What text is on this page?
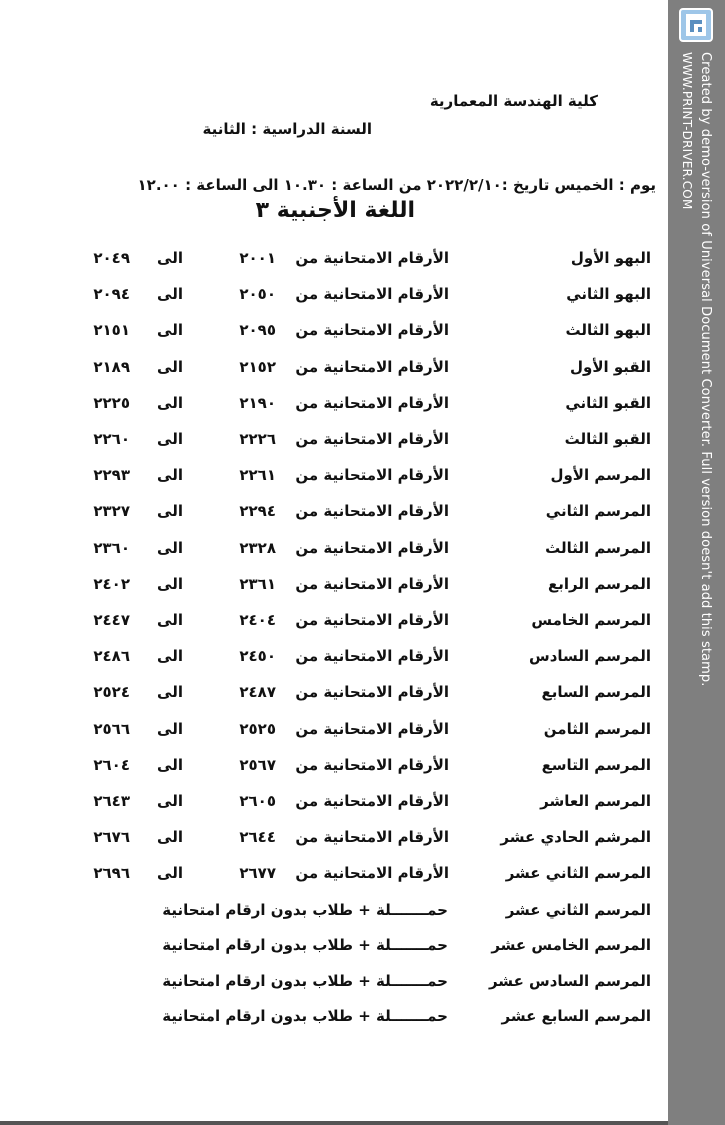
كلية الهندسة المعمارية
السنة الدراسية : الثانية
يوم : الخميس تاريخ :٢٠٢٢/٢/١٠ من الساعة : ١٠.٣٠ الى الساعة : ١٢.٠٠
اللغة الأجنبية ٣
البهو الأول
الأرقام الامتحانية من
٢٠٠١
الى
٢٠٤٩
البهو الثاني
الأرقام الامتحانية من
٢٠٥٠
الى
٢٠٩٤
البهو الثالث
الأرقام الامتحانية من
٢٠٩٥
الى
٢١٥١
القبو الأول
الأرقام الامتحانية من
٢١٥٢
الى
٢١٨٩
القبو الثاني
الأرقام الامتحانية من
٢١٩٠
الى
٢٢٢٥
القبو الثالث
الأرقام الامتحانية من
٢٢٢٦
الى
٢٢٦٠
المرسم الأول
الأرقام الامتحانية من
٢٢٦١
الى
٢٢٩٣
المرسم الثاني
الأرقام الامتحانية من
٢٢٩٤
الى
٢٣٢٧
المرسم الثالث
الأرقام الامتحانية من
٢٣٢٨
الى
٢٣٦٠
المرسم الرابع
الأرقام الامتحانية من
٢٣٦١
الى
٢٤٠٢
المرسم الخامس
الأرقام الامتحانية من
٢٤٠٤
الى
٢٤٤٧
المرسم السادس
الأرقام الامتحانية من
٢٤٥٠
الى
٢٤٨٦
المرسم السابع
الأرقام الامتحانية من
٢٤٨٧
الى
٢٥٢٤
المرسم الثامن
الأرقام الامتحانية من
٢٥٢٥
الى
٢٥٦٦
المرسم التاسع
الأرقام الامتحانية من
٢٥٦٧
الى
٢٦٠٤
المرسم العاشر
الأرقام الامتحانية من
٢٦٠٥
الى
٢٦٤٣
المرشم الحادي عشر
الأرقام الامتحانية من
٢٦٤٤
الى
٢٦٧٦
المرسم الثاني عشر
الأرقام الامتحانية من
٢٦٧٧
الى
٢٦٩٦
المرسم الثاني عشر
حمـــــــلة + طلاب بدون ارقام امتحانية
المرسم الخامس عشر
حمـــــــلة + طلاب بدون ارقام امتحانية
المرسم السادس عشر
حمـــــــلة + طلاب بدون ارقام امتحانية
المرسم السابع عشر
حمـــــــلة + طلاب بدون ارقام امتحانية
Created by demo-version of Universal Document Converter. Full version doesn't add this stamp.
WWW.PRINT-DRIVER.COM
